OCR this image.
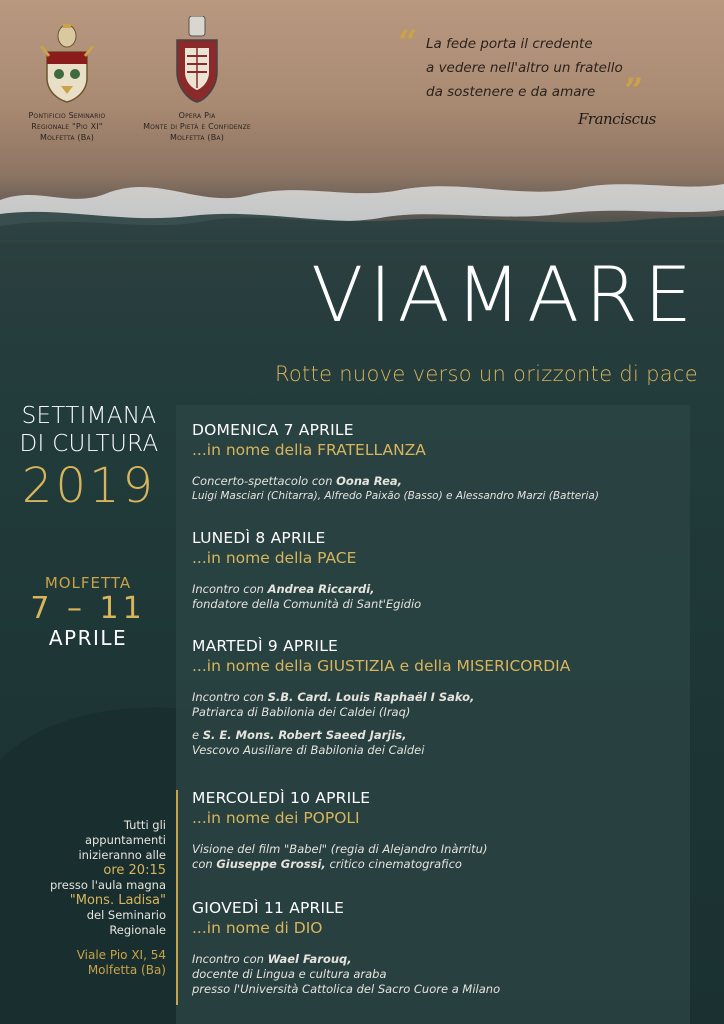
Pontificio Seminario
Regionale "Pio XI"
Molfetta (Ba)
Opera Pia
Monte di Pietà e Confidenze
Molfetta (Ba)
“ La fede porta il credente
a vedere nell'altro un fratello
da sostenere e da amare ”
Franciscus
VIAMARE
Rotte nuove verso un orizzonte di pace
SETTIMANA
DI CULTURA
2019
MOLFETTA
7 – 11
APRILE
DOMENICA 7 APRILE
...in nome della FRATELLANZA
Concerto-spettacolo con Oona Rea,
Luigi Masciari (Chitarra), Alfredo Paixão (Basso) e Alessandro Marzi (Batteria)
LUNEDÌ 8 APRILE
...in nome della PACE
Incontro con Andrea Riccardi,
fondatore della Comunità di Sant'Egidio
MARTEDÌ 9 APRILE
...in nome della GIUSTIZIA e della MISERICORDIA
Incontro con S.B. Card. Louis Raphaël I Sako,
Patriarca di Babilonia dei Caldei (Iraq)
e S. E. Mons. Robert Saeed Jarjis,
Vescovo Ausiliare di Babilonia dei Caldei
MERCOLEDÌ 10 APRILE
...in nome dei POPOLI
Visione del film "Babel" (regia di Alejandro Inàrritu)
con Giuseppe Grossi, critico cinematografico
GIOVEDÌ 11 APRILE
...in nome di DIO
Incontro con Wael Farouq,
docente di Lingua e cultura araba
presso l'Università Cattolica del Sacro Cuore a Milano
Tutti gli
appuntamenti
inizieranno alle
ore 20:15
presso l'aula magna
"Mons. Ladisa"
del Seminario
Regionale
Viale Pio XI, 54
Molfetta (Ba)
